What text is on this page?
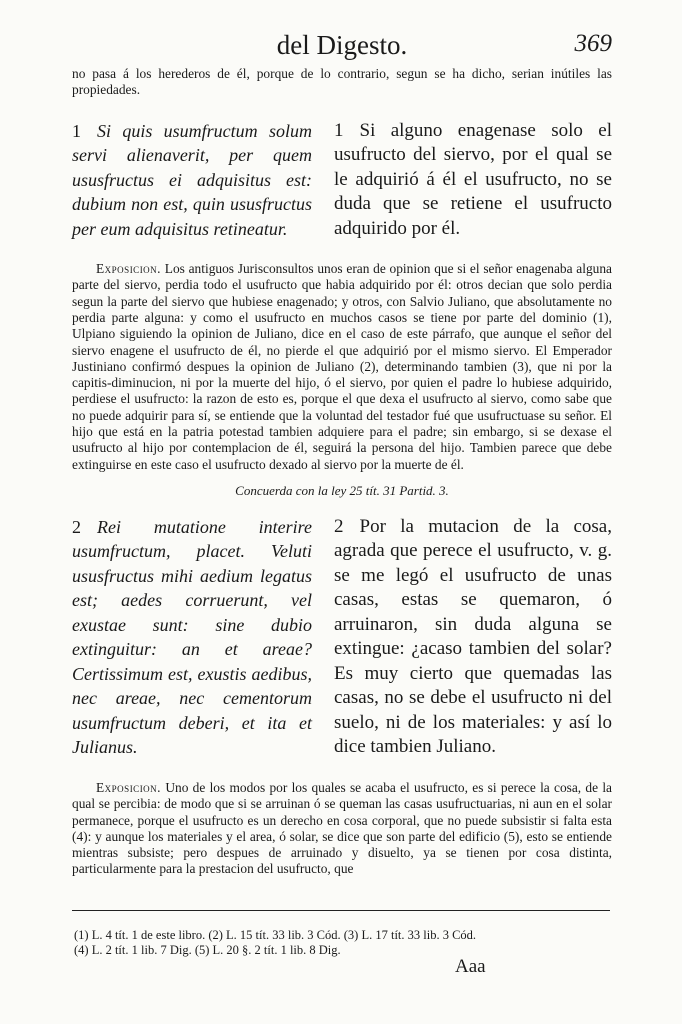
del Digesto.	369
no pasa á los herederos de él, porque de lo contrario, segun se ha dicho, serian inútiles las propiedades.
1 Si quis usumfructum solum servi alienaverit, per quem ususfructus ei adquisitus est: dubium non est, quin ususfructus per eum adquisitus retineatur.
1 Si alguno enagenase solo el usufructo del siervo, por el qual se le adquirió á él el usufructo, no se duda que se retiene el usufructo adquirido por él.
Exposicion. Los antiguos Jurisconsultos unos eran de opinion que si el señor enagenaba alguna parte del siervo, perdia todo el usufructo que habia adquirido por él: otros decian que solo perdia segun la parte del siervo que hubiese enagenado; y otros, con Salvio Juliano, que absolutamente no perdia parte alguna: y como el usufructo en muchos casos se tiene por parte del dominio (1), Ulpiano siguiendo la opinion de Juliano, dice en el caso de este párrafo, que aunque el señor del siervo enagene el usufructo de él, no pierde el que adquirió por el mismo siervo. El Emperador Justiniano confirmó despues la opinion de Juliano (2), determinando tambien (3), que ni por la capitis-diminucion, ni por la muerte del hijo, ó el siervo, por quien el padre lo hubiese adquirido, perdiese el usufructo: la razon de esto es, porque el que dexa el usufructo al siervo, como sabe que no puede adquirir para sí, se entiende que la voluntad del testador fué que usufructuase su señor. El hijo que está en la patria potestad tambien adquiere para el padre; sin embargo, si se dexase el usufructo al hijo por contemplacion de él, seguirá la persona del hijo. Tambien parece que debe extinguirse en este caso el usufructo dexado al siervo por la muerte de él.
Concuerda con la ley 25 tít. 31 Partid. 3.
2 Rei mutatione interire usumfructum, placet. Veluti ususfructus mihi aedium legatus est; aedes corruerunt, vel exustae sunt: sine dubio extinguitur: an et areae? Certissimum est, exustis aedibus, nec areae, nec cementorum usumfructum deberi, et ita et Julianus.
2 Por la mutacion de la cosa, agrada que perece el usufructo, v. g. se me legó el usufructo de unas casas, estas se quemaron, ó arruinaron, sin duda alguna se extingue: ¿acaso tambien del solar? Es muy cierto que quemadas las casas, no se debe el usufructo ni del suelo, ni de los materiales: y así lo dice tambien Juliano.
Exposicion. Uno de los modos por los quales se acaba el usufructo, es si perece la cosa, de la qual se percibia: de modo que si se arruinan ó se queman las casas usufructuarias, ni aun en el solar permanece, porque el usufructo es un derecho en cosa corporal, que no puede subsistir si falta esta (4): y aunque los materiales y el area, ó solar, se dice que son parte del edificio (5), esto se entiende mientras subsiste; pero despues de arruinado y disuelto, ya se tienen por cosa distinta, particularmente para la prestacion del usufructo, que
(1) L. 4 tít. 1 de este libro. (2) L. 15 tít. 33 lib. 3 Cód. (3) L. 17 tít. 33 lib. 3 Cód.
(4) L. 2 tít. 1 lib. 7 Dig. (5) L. 20 §. 2 tít. 1 lib. 8 Dig.
Aaa
